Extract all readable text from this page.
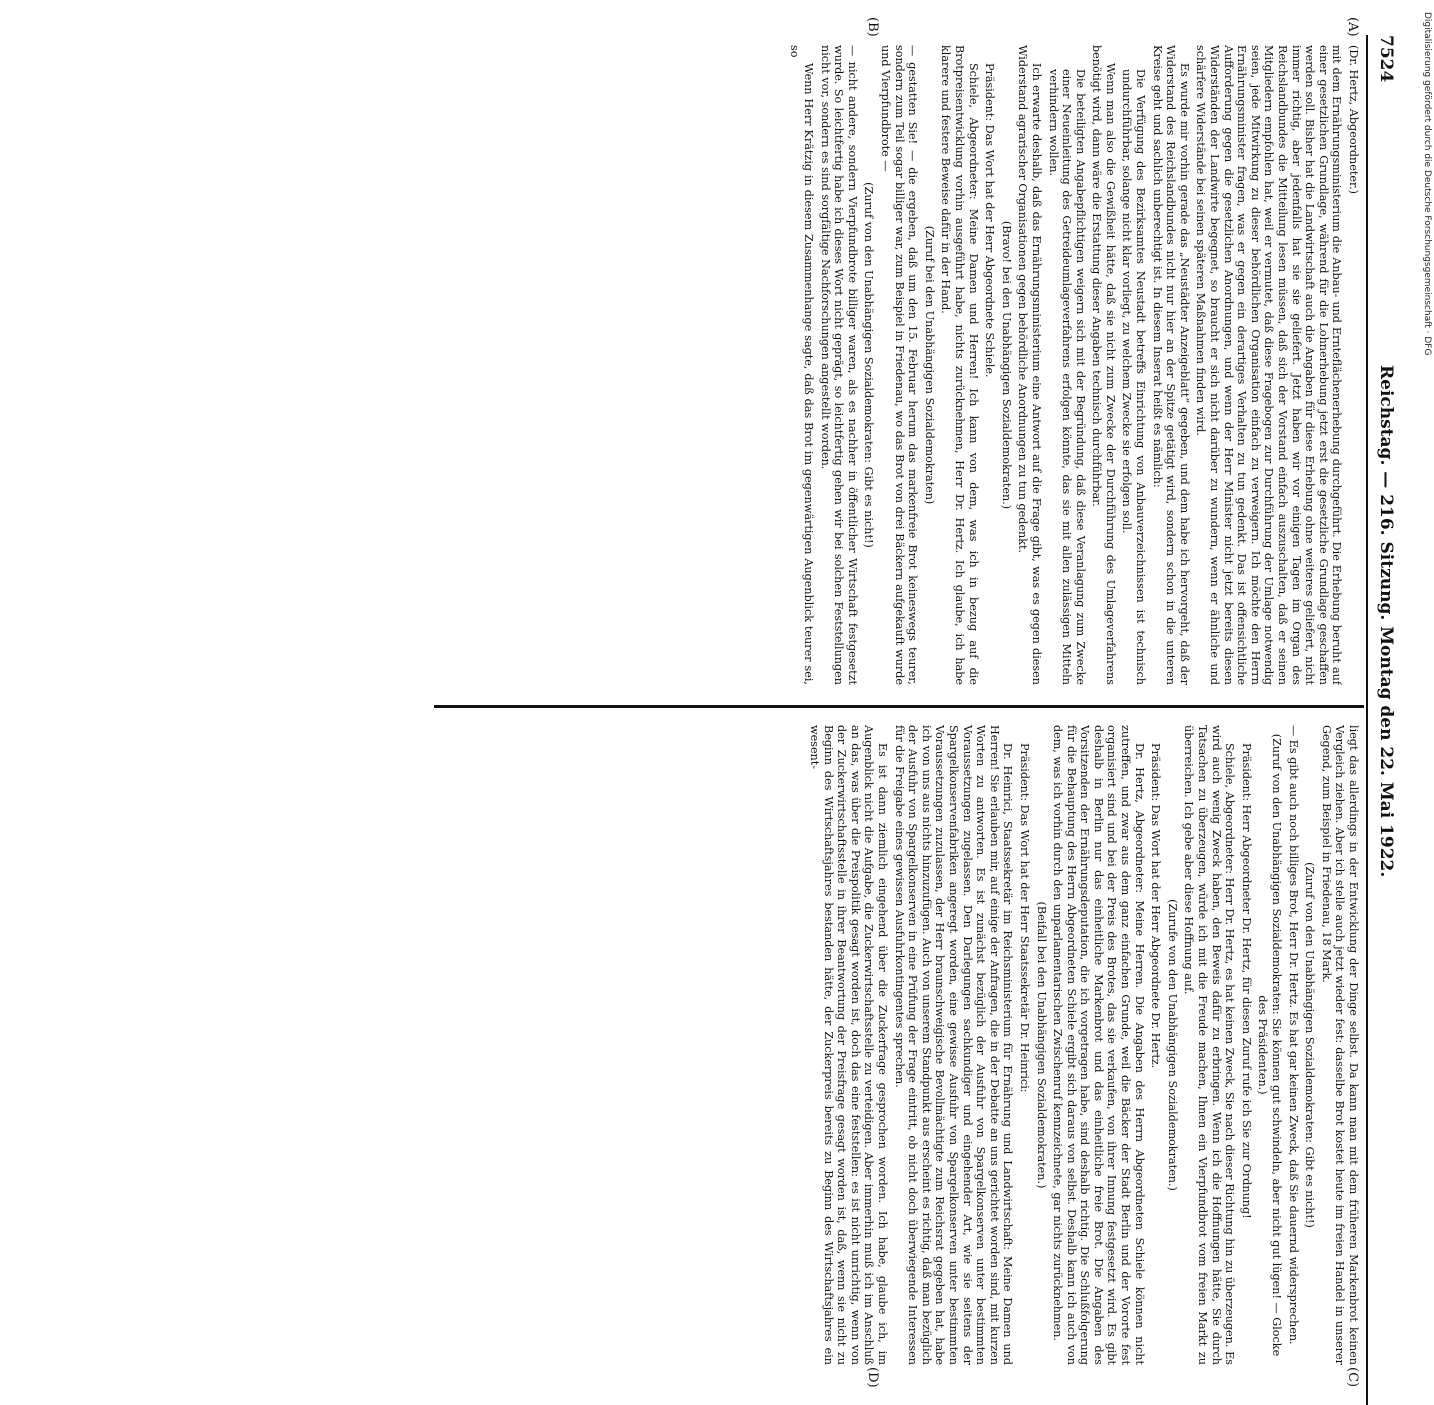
7524
Reichstag. — 216. Sitzung. Montag den 22. Mai 1922.
(A)
(B)
(C)
(D)

(Dr. Hertz, Abgeordneter.)

mit dem Ernährungsministerium die Anbau- und Ernteflächenerhebung durchgeführt. Die Erhebung beruht auf einer gesetzlichen Grundlage, während für die Lohnerhebung jetzt erst die gesetzliche Grundlage geschaffen werden soll. Bisher hat die Landwirtschaft auch die Angaben für diese Erhebung ohne weiteres geliefert, nicht immer richtig, aber jedenfalls hat sie sie geliefert. Jetzt haben wir vor einigen Tagen im Organ des Reichslandbundes die Mitteilung lesen müssen, daß sich der Vorstand einfach auszuschalten, daß er seinen Mitgliedern empfohlen hat, weil er vermutet, daß diese Fragebogen zur Durchführung der Umlage notwendig seien, jede Mitwirkung zu dieser behördlichen Organisation einfach zu verweigern. Ich möchte den Herrn Ernährungsminister fragen, was er gegen ein derartiges Verhalten zu tun gedenkt. Das ist offensichtliche Aufforderung gegen die gesetzlichen Anordnungen, und wenn der Herr Minister nicht jetzt bereits diesen Widerständen der Landwirte begegnet, so braucht er sich nicht darüber zu wundern, wenn er ähnliche und schärfere Widerstände bei seinen späteren Maßnahmen finden wird.

Es wurde mir vorhin gerade das „Neustädter Anzeigeblatt“ gegeben, und dem habe ich hervorgeht, daß der Widerstand des Reichslandbundes nicht nur hier an der Spitze getätigt wird, sondern schon in die unteren Kreise geht und sachlich unberechtigt ist. In diesem Inserat heißt es nämlich:

Die Verfügung des Bezirksamtes Neustadt betreffs Einrichtung von Anbauverzeichnissen ist technisch undurchführbar, solange nicht klar vorliegt, zu welchem Zwecke sie erfolgen soll.

Wenn man also die Gewißheit hätte, daß sie nicht zum Zwecke der Durchführung des Umlageverfahrens benötigt wird, dann wäre die Erstattung dieser Angaben technisch durchführbar.

Die beteiligten Angabepflichtigen weigern sich mit der Begründung, daß diese Veranlagung zum Zwecke einer Neueinleitung des Getreideumlageverfahrens erfolgen könnte, das sie mit allen zulässigen Mitteln verhindern wollen.

Ich erwarte deshalb, daß das Ernährungsministerium eine Antwort auf die Frage gibt, was es gegen diesen Widerstand agrarischer Organisationen gegen behördliche Anordnungen zu tun gedenkt.

(Bravo! bei den Unabhängigen Sozialdemokraten.)

Präsident: Das Wort hat der Herr Abgeordnete Schiele.

Schiele, Abgeordneter: Meine Damen und Herren! Ich kann von dem, was ich in bezug auf die Brotpreisentwicklung vorhin ausgeführt habe, nichts zurücknehmen, Herr Dr. Hertz. Ich glaube, ich habe klarere und festere Beweise dafür in der Hand.

(Zuruf bei den Unabhängigen Sozialdemokraten)

— gestatten Sie! — die ergeben, daß um den 15. Februar herum das markenfreie Brot keineswegs teurer, sondern zum Teil sogar billiger war, zum Beispiel in Friedenau, wo das Brot von drei Bäckern aufgekauft wurde und Vierpfundbrote —

(Zuruf von den Unabhängigen Sozialdemokraten: Gibt es nicht!)

— nicht andere, sondern Vierpfundbrote billiger waren, als es nachher in öffentlicher Wirtschaft festgesetzt wurde. So leichtfertig habe ich dieses Wort nicht geprägt, so leichtfertig gehen wir bei solchen Feststellungen nicht vor, sondern es sind sorgfältige Nachforschungen angestellt worden.

Wenn Herr Krätzig in diesem Zusammenhange sagte, daß das Brot im gegenwärtigen Augenblick teurer sei, so

liegt das allerdings in der Entwicklung der Dinge selbst. Da kann man mit dem früheren Markenbrot keinen Vergleich ziehen. Aber ich stelle auch jetzt wieder fest: dasselbe Brot kostet heute im freien Handel in unserer Gegend, zum Beispiel in Friedenau, 18 Mark.

(Zuruf von den Unabhängigen Sozialdemokraten: Gibt es nicht!)

— Es gibt auch noch billiges Brot, Herr Dr. Hertz. Es hat gar keinen Zweck, daß Sie dauernd widersprechen.

(Zuruf von den Unabhängigen Sozialdemokraten: Sie können gut schwindeln, aber nicht gut lügen! — Glocke des Präsidenten.)

Präsident: Herr Abgeordneter Dr. Hertz, für diesen Zuruf rufe ich Sie zur Ordnung!

Schiele, Abgeordneter: Herr Dr. Hertz, es hat keinen Zweck, Sie nach dieser Richtung hin zu überzeugen. Es wird auch wenig Zweck haben, den Beweis dafür zu erbringen. Wenn ich die Hoffnungen hätte, Sie durch Tatsachen zu überzeugen, würde ich mit die Freude machen, Ihnen ein Vierpfundbrot vom freien Markt zu überreichen. Ich gebe aber diese Hoffnung auf.

(Zurufe von den Unabhängigen Sozialdemokraten.)

Präsident: Das Wort hat der Herr Abgeordnete Dr. Hertz.

Dr. Hertz, Abgeordneter: Meine Herren. Die Angaben des Herrn Abgeordneten Schiele können nicht zutreffen, und zwar aus dem ganz einfachen Grunde, weil die Bäcker der Stadt Berlin und der Vororte fest organisiert sind und bei der Preis des Brotes, das sie verkaufen, von ihrer Innung festgesetzt wird. Es gibt deshalb in Berlin nur das einheitliche Markenbrot und das einheitliche freie Brot. Die Angaben des Vorsitzenden der Ernährungsdeputation, die ich vorgetragen habe, sind deshalb richtig. Die Schlußfolgerung für die Behauptung des Herrn Abgeordneten Schiele ergibt sich daraus von selbst. Deshalb kann ich auch von dem, was ich vorhin durch den unparlamentarischen Zwischenruf kennzeichnete, gar nichts zurücknehmen.

(Beifall bei den Unabhängigen Sozialdemokraten.)

Präsident: Das Wort hat der Herr Staatssekretär Dr. Heinrici:

Dr. Heinrici, Staatssekretär im Reichsministerium für Ernährung und Landwirtschaft: Meine Damen und Herren! Sie erlauben mir, auf einige der Anfragen, die in der Debatte an uns gerichtet worden sind, mit kurzen Worten zu antworten. Es ist zunächst bezüglich der Ausfuhr von Spargelkonserven unter bestimmten Voraussetzungen zugelassen. Den Darlegungen sachkundiger und eingehender Art, wie sie seitens der Spargelkonservenfabriken angeregt worden, eine gewisse Ausfuhr von Spargelkonserven unter bestimmten Voraussetzungen zuzulassen, der Herr braunschweigische Bevollmächtigte zum Reichsrat gegeben hat, habe ich von uns aus nichts hinzuzufügen. Auch von unserem Standpunkt aus erscheint es richtig, daß man bezüglich der Ausfuhr von Spargelkonserven in eine Prüfung der Frage eintritt, ob nicht doch überwiegende Interessen für die Freigabe eines gewissen Ausfuhrkontingentes sprechen.

Es ist dann ziemlich eingehend über die Zuckerfrage gesprochen worden. Ich habe, glaube ich, im Augenblick nicht die Aufgabe, die Zuckerwirtschaftsstelle zu verteidigen. Aber immerhin muß ich im Anschluß an das, was über die Preispolitik gesagt worden ist, doch das eine feststellen: es ist nicht unrichtig, wenn von der Zuckerwirtschaftsstelle in ihrer Beantwortung der Preisfrage gesagt worden ist, daß, wenn sie nicht zu Beginn des Wirtschaftsjahres bestanden hätte, der Zuckerpreis bereits zu Beginn des Wirtschaftsjahres ein wesent-

Digitalisierung gefördert durch die Deutsche Forschungsgemeinschaft · DFG
